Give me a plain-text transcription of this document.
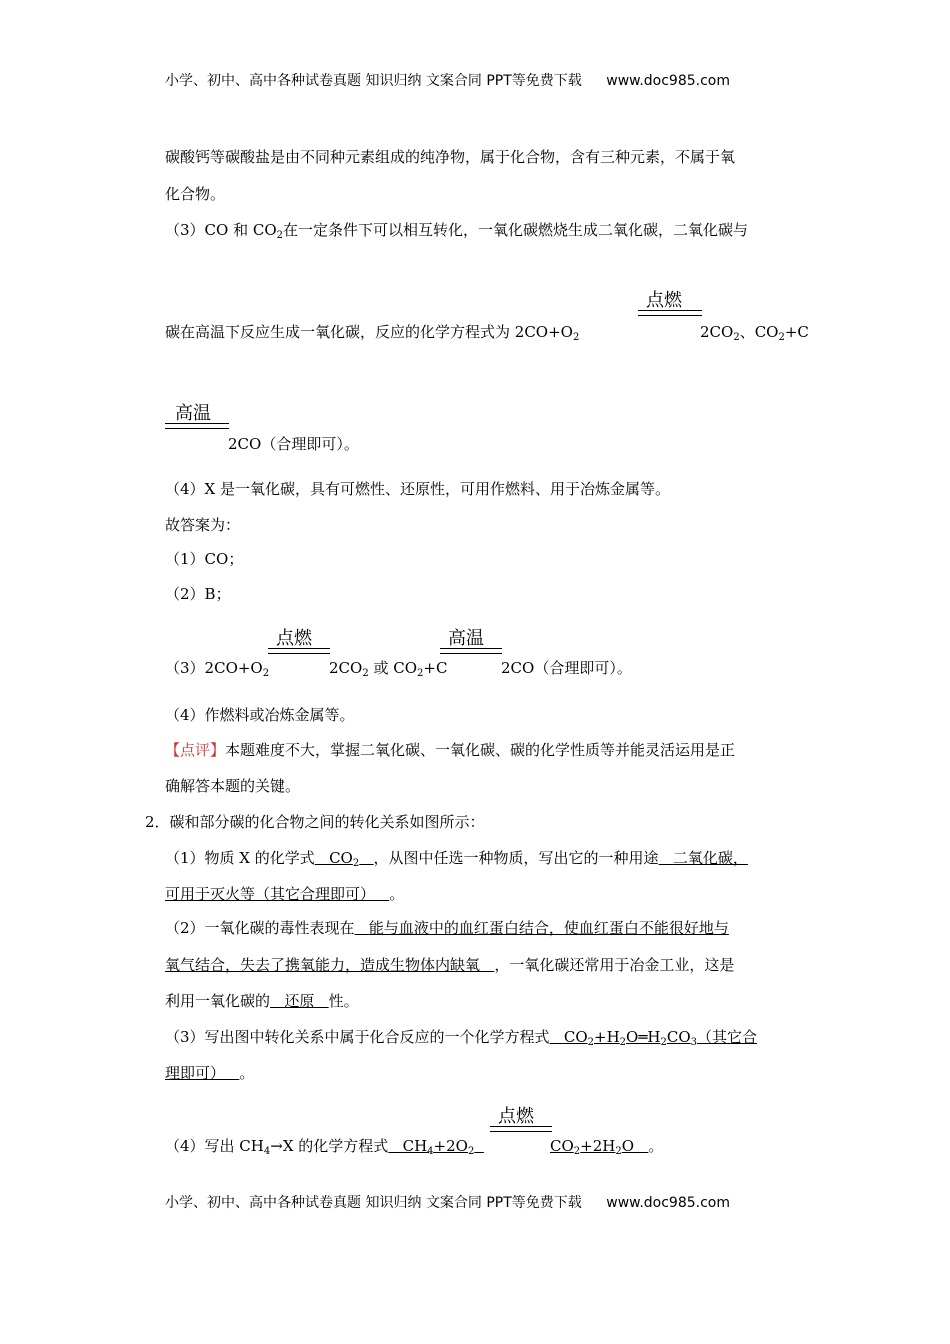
小学、初中、高中各种试卷真题 知识归纳 文案合同 PPT等免费下载 www.doc985.com
碳酸钙等碳酸盐是由不同种元素组成的纯净物，属于化合物，含有三种元素，不属于氧
化合物。
（3）CO 和 $CO_2$在一定条件下可以相互转化，一氧化碳燃烧生成二氧化碳，二氧化碳与
点燃
碳在高温下反应生成一氧化碳，反应的化学方程式为 $2CO+O_2$	$2CO_2$、$CO_2+C$
高温
2CO（合理即可）。
（4）X 是一氧化碳，具有可燃性、还原性，可用作燃料、用于冶炼金属等。
故答案为：
（1）CO；
（2）B；
点燃	高温
$(3)2CO+O_2$	$2CO_2$ 或 $CO_2+C$	2CO（合理即可）。
（4）作燃料或冶炼金属等。
【点评】本题难度不大，掌握二氧化碳、一氧化碳、碳的化学性质等并能灵活运用是正
确解答本题的关键。
2．碳和部分碳的化合物之间的转化关系如图所示：
（1）物质 X 的化学式 $CO_2$ ，从图中任选一种物质，写出它的一种用途 二氧化碳，
可用于灭火等（其它合理即可） 。
（2）一氧化碳的毒性表现在 能与血液中的血红蛋白结合，使血红蛋白不能很好地与
氧气结合，失去了携氧能力，造成生物体内缺氧 ，一氧化碳还常用于冶金工业，这是
利用一氧化碳的 还原 性。
（3）写出图中转化关系中属于化合反应的一个化学方程式 $CO_2+H_2O═H_2CO_3$（其它合
理即可） 。
点燃
（4）写出 $CH_4\to X$ 的化学方程式 $CH_4+2O_2$	$CO_2+2H_2O$ 。
小学、初中、高中各种试卷真题 知识归纳 文案合同 PPT等免费下载 www.doc985.com
